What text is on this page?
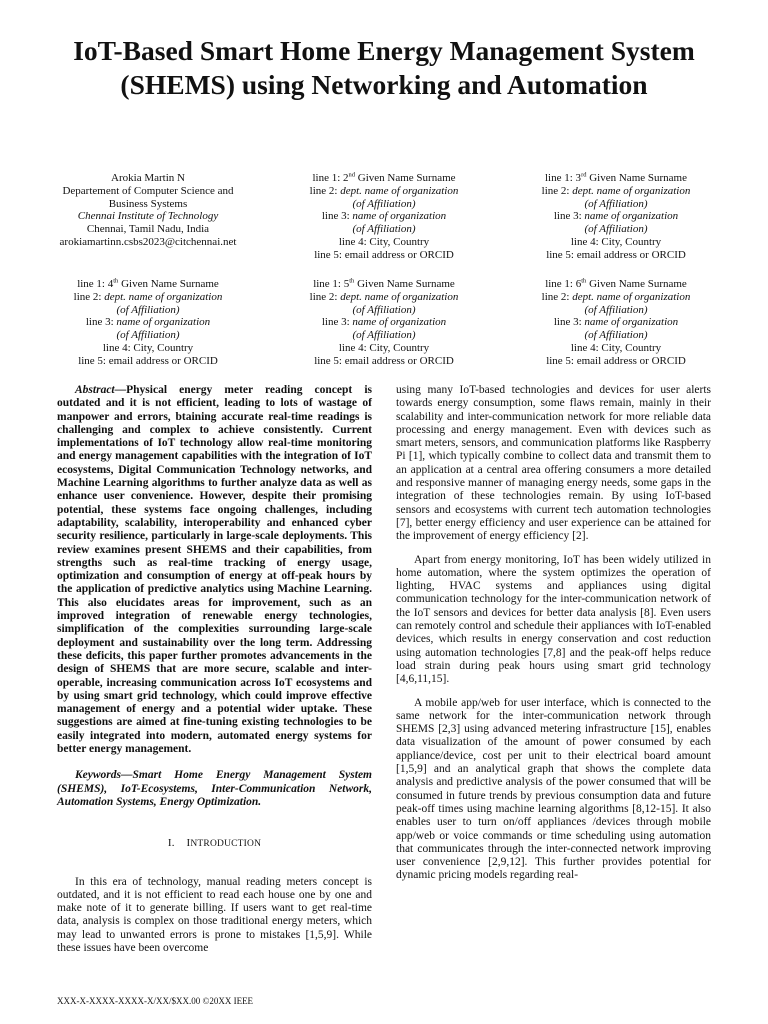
IoT-Based Smart Home Energy Management System (SHEMS) using Networking and Automation
Arokia Martin N
Departement of Computer Science and Business Systems
Chennai Institute of Technology
Chennai, Tamil Nadu, India
arokiamartinn.csbs2023@citchennai.net
line 1: 2nd Given Name Surname
line 2: dept. name of organization
(of Affiliation)
line 3: name of organization
(of Affiliation)
line 4: City, Country
line 5: email address or ORCID
line 1: 3rd Given Name Surname
line 2: dept. name of organization
(of Affiliation)
line 3: name of organization
(of Affiliation)
line 4: City, Country
line 5: email address or ORCID
line 1: 4th Given Name Surname
line 2: dept. name of organization
(of Affiliation)
line 3: name of organization
(of Affiliation)
line 4: City, Country
line 5: email address or ORCID
line 1: 5th Given Name Surname
line 2: dept. name of organization
(of Affiliation)
line 3: name of organization
(of Affiliation)
line 4: City, Country
line 5: email address or ORCID
line 1: 6th Given Name Surname
line 2: dept. name of organization
(of Affiliation)
line 3: name of organization
(of Affiliation)
line 4: City, Country
line 5: email address or ORCID

Abstract—Physical energy meter reading concept is outdated and it is not efficient, leading to lots of wastage of manpower and errors, btaining accurate real-time readings is challenging and complex to achieve consistently. Current implementations of IoT technology allow real-time monitoring and energy management capabilities with the integration of IoT ecosystems, Digital Communication Technology networks, and Machine Learning algorithms to further analyze data as well as enhance user convenience. However, despite their promising potential, these systems face ongoing challenges, including adaptability, scalability, interoperability and enhanced cyber security resilience, particularly in large-scale deployments. This review examines present SHEMS and their capabilities, from strengths such as real-time tracking of energy usage, optimization and consumption of energy at off-peak hours by the application of predictive analytics using Machine Learning. This also elucidates areas for improvement, such as an improved integration of renewable energy technologies, simplification of the complexities surrounding large-scale deployment and sustainability over the long term. Addressing these deficits, this paper further promotes advancements in the design of SHEMS that are more secure, scalable and inter-operable, increasing communication across IoT ecosystems and by using smart grid technology, which could improve effective management of energy and a potential wider uptake. These suggestions are aimed at fine-tuning existing technologies to be easily integrated into modern, automated energy systems for better energy management.

Keywords—Smart Home Energy Management System (SHEMS), IoT-Ecosystems, Inter-Communication Network, Automation Systems, Energy Optimization.

I. INTRODUCTION

In this era of technology, manual reading meters concept is outdated, and it is not efficient to read each house one by one and make note of it to generate billing. If users want to get real-time data, analysis is complex on those traditional energy meters, which may lead to unwanted errors is prone to mistakes [1,5,9]. While these issues have been overcome

using many IoT-based technologies and devices for user alerts towards energy consumption, some flaws remain, mainly in their scalability and inter-communication network for more reliable data processing and energy management. Even with devices such as smart meters, sensors, and communication platforms like Raspberry Pi [1], which typically combine to collect data and transmit them to an application at a central area offering consumers a more detailed and responsive manner of managing energy needs, some gaps in the integration of these technologies remain. By using IoT-based sensors and ecosystems with current tech automation technologies [7], better energy efficiency and user experience can be attained for the improvement of energy efficiency [2].

Apart from energy monitoring, IoT has been widely utilized in home automation, where the system optimizes the operation of lighting, HVAC systems and appliances using digital communication technology for the inter-communication network of the IoT sensors and devices for better data analysis [8]. Even users can remotely control and schedule their appliances with IoT-enabled devices, which results in energy conservation and cost reduction using automation technologies [7,8] and the peak-off helps reduce load strain during peak hours using smart grid technology [4,6,11,15].

A mobile app/web for user interface, which is connected to the same network for the inter-communication network through SHEMS [2,3] using advanced metering infrastructure [15], enables data visualization of the amount of power consumed by each appliance/device, cost per unit to their electrical board amount [1,5,9] and an analytical graph that shows the complete data analysis and predictive analysis of the power consumed that will be consumed in future trends by previous consumption data and future peak-off times using machine learning algorithms [8,12-15]. It also enables user to turn on/off appliances /devices through mobile app/web or voice commands or time scheduling using automation that communicates through the inter-connected network improving user convenience [2,9,12]. This further provides potential for dynamic pricing models regarding real-

XXX-X-XXXX-XXXX-X/XX/$XX.00 ©20XX IEEE
